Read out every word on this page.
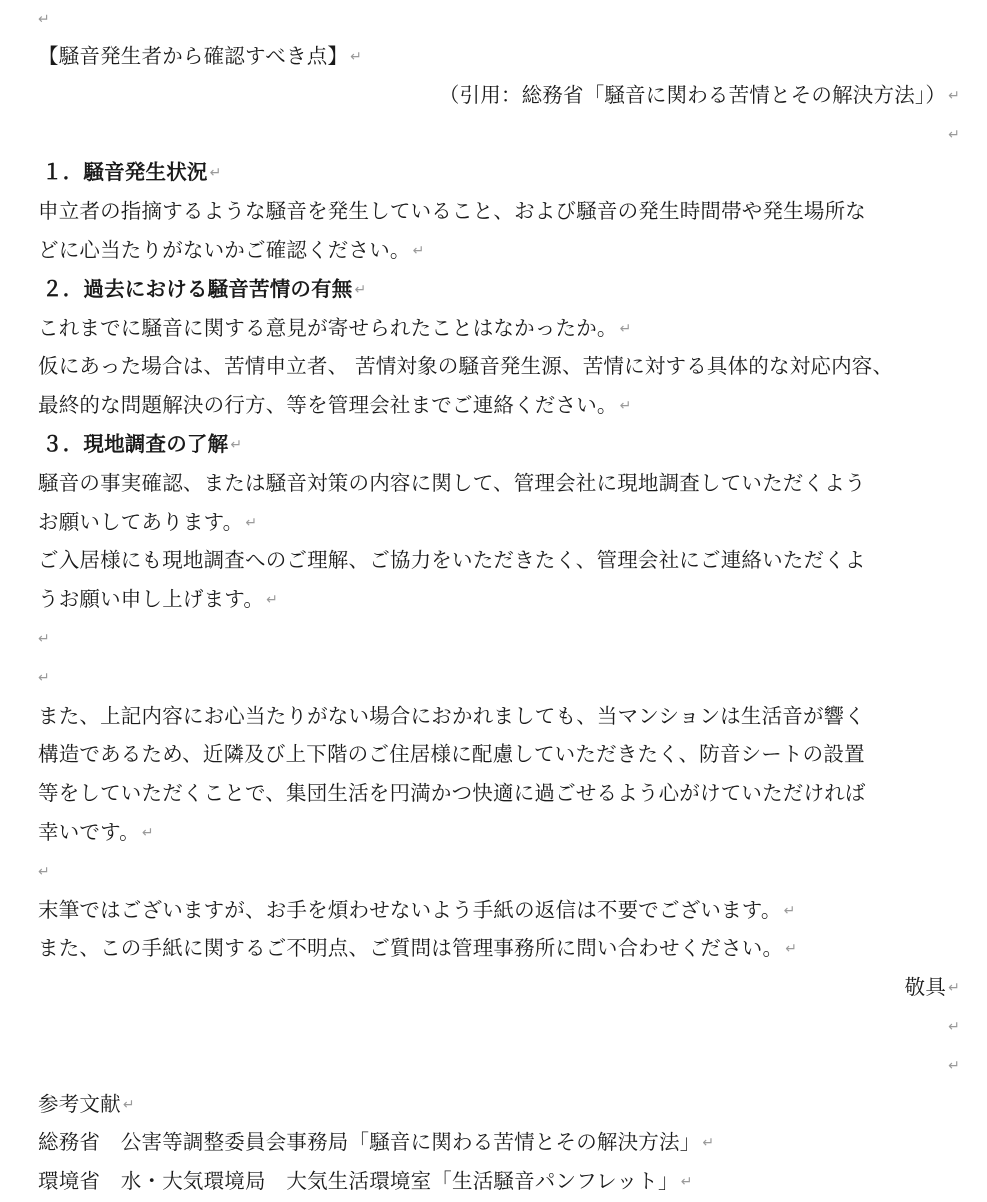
↵
【騒音発生者から確認すべき点】 ↵
（引用：総務省「騒音に関わる苦情とその解決方法」） ↵
↵
１．騒音発生状況 ↵
申立者の指摘するような騒音を発生していること、および騒音の発生時間帯や発生場所な
どに心当たりがないかご確認ください。 ↵
２．過去における騒音苦情の有無 ↵
これまでに騒音に関する意見が寄せられたことはなかったか。 ↵
仮にあった場合は、苦情申立者、 苦情対象の騒音発生源、苦情に対する具体的な対応内容、
最終的な問題解決の行方、等を管理会社までご連絡ください。 ↵
３．現地調査の了解 ↵
騒音の事実確認、または騒音対策の内容に関して、管理会社に現地調査していただくよう
お願いしてあります。 ↵
ご入居様にも現地調査へのご理解、ご協力をいただきたく、管理会社にご連絡いただくよ
うお願い申し上げます。 ↵
↵
↵
また、上記内容にお心当たりがない場合におかれましても、当マンションは生活音が響く
構造であるため、近隣及び上下階のご住居様に配慮していただきたく、防音シートの設置
等をしていただくことで、集団生活を円満かつ快適に過ごせるよう心がけていただければ
幸いです。 ↵
↵
末筆ではございますが、お手を煩わせないよう手紙の返信は不要でございます。 ↵
また、この手紙に関するご不明点、ご質問は管理事務所に問い合わせください。 ↵
敬具 ↵
↵
↵
参考文献 ↵
総務省　公害等調整委員会事務局「騒音に関わる苦情とその解決方法」 ↵
環境省　水・大気環境局　大気生活環境室「生活騒音パンフレット」 ↵
